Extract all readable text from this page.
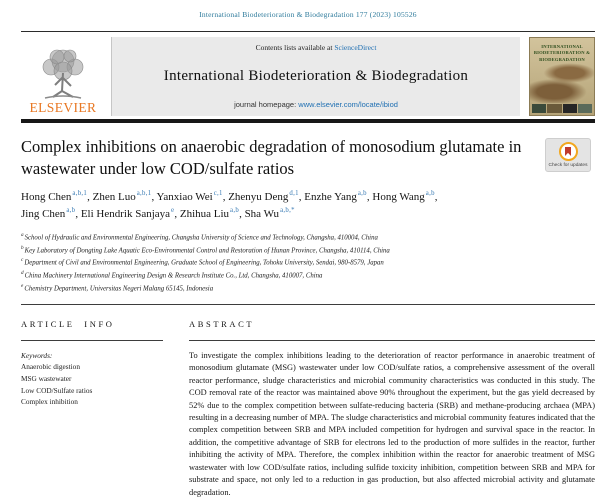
International Biodeterioration & Biodegradation 177 (2023) 105526
ELSEVIER
Contents lists available at ScienceDirect
International Biodeterioration & Biodegradation
journal homepage: www.elsevier.com/locate/ibiod
INTERNATIONAL BIODETERIORATION & BIODEGRADATION
Complex inhibitions on anaerobic degradation of monosodium glutamate in wastewater under low COD/sulfate ratios	Check for updates
Hong Chen$^{a,b,1}$, Zhen Luo$^{a,b,1}$, Yanxiao Wei$^{c,1}$, Zhenyu Deng$^{d,1}$, Enzhe Yang$^{a,b}$, Hong Wang$^{a,b}$, Jing Chen$^{a,b}$, Eli Hendrik Sanjaya$^e$, Zhihua Liu$^{a,b}$, Sha $Wu^{a,b,*}$
$^a$School of Hydraulic and Environmental Engineering, Changsha University of Science and Technology, Changsha, 410004, China
$^b$Key Laboratory of Dongting Lake Aquatic Eco-Environmental Control and Restoration of Hunan Province, Changsha, 410114, China
$^c$Department of Civil and Environmental Engineering, Graduate School of Engineering, Tohoku University, Sendai, 980-8579, Japan
$^d$China Machinery International Engineering Design & Research Institute Co., Ltd, Changsha, 410007, China
$^e$Chemistry Department, Universitas Negeri Malang 65145, Indonesia
ARTICLE INFO
Keywords:
Anaerobic digestion
MSG wastewater
Low COD/Sulfate ratios
Complex inhibition
ABSTRACT

To investigate the complex inhibitions leading to the deterioration of reactor performance in anaerobic treatment of monosodium glutamate (MSG) wastewater under low COD/sulfate ratios, a comprehensive assessment of the overall reactor performance, sludge characteristics and microbial community characteristics was conducted in this study. The COD removal rate of the reactor was maintained above 90% throughout the experiment, but the gas yield decreased by 52% due to the complex competition between sulfate-reducing bacteria (SRB) and methane-producing archaea (MPA) resulting in a decreasing number of MPA. The sludge characteristics and microbial community features indicated that the complex competition between SRB and MPA included competition for hydrogen and survival space in the reactor. In addition, the competitive advantage of SRB for electrons led to the production of more sulfides in the reactor, further inhibiting the activity of MPA. Therefore, the complex inhibition within the reactor for anaerobic treatment of MSG wastewater with low COD/sulfate ratios, including sulfide toxicity inhibition, competition between SRB and MPA for substrate and space, not only led to a reduction in gas production, but also affected microbial activity and glutamate degradation.
